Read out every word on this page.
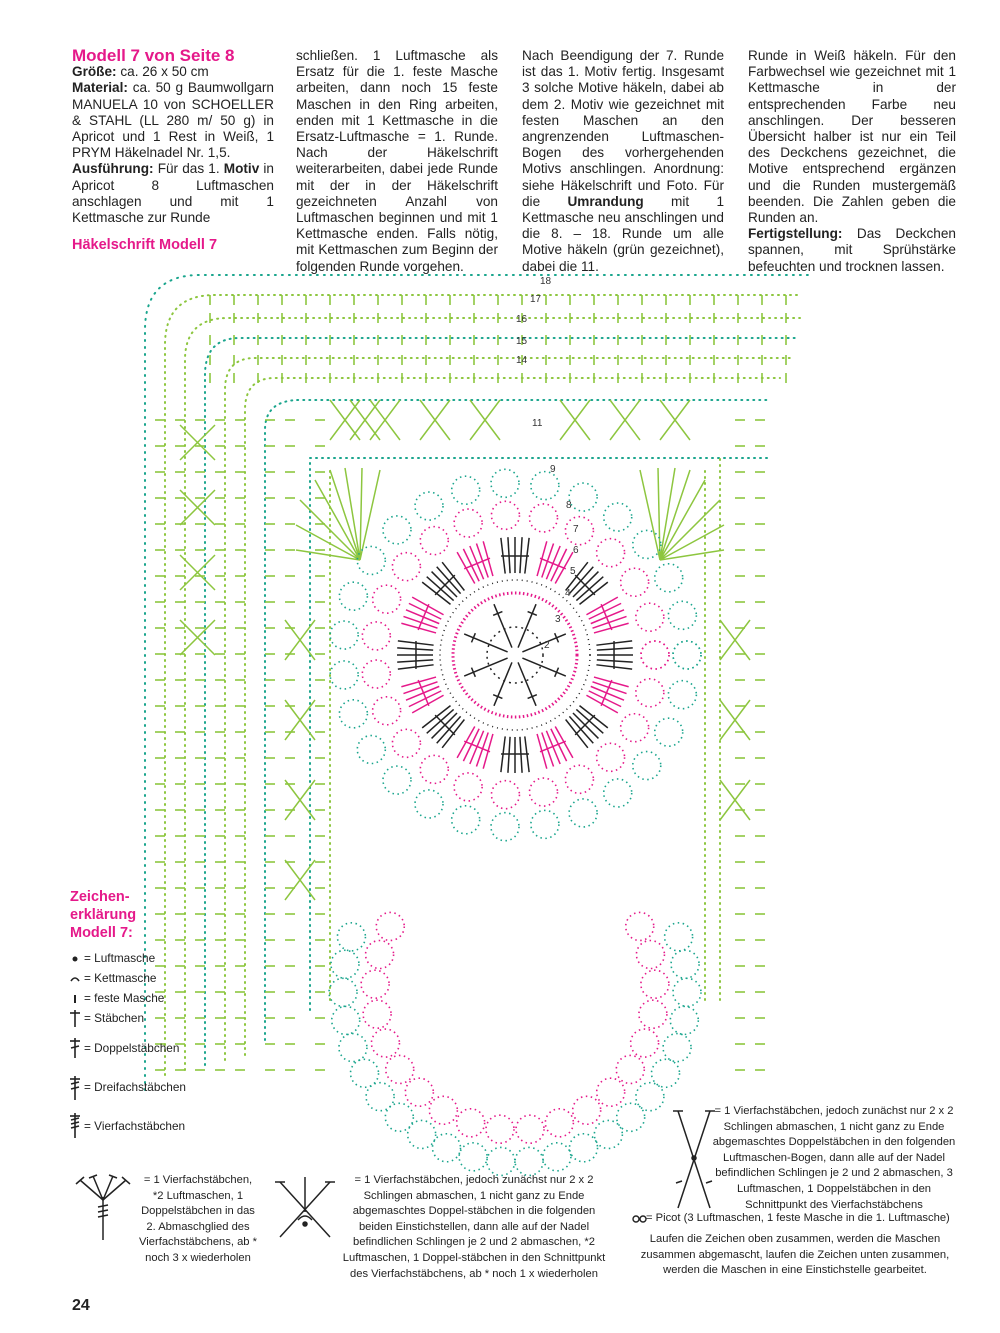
Modell 7 von Seite 8

Größe: ca. 26 x 50 cm

Material: ca. 50 g Baumwollgarn MANUELA 10 von SCHOELLER & STAHL (LL 280 m/ 50 g) in Apricot und 1 Rest in Weiß, 1 PRYM Häkelnadel Nr. 1,5.

Ausführung: Für das 1. Motiv in Apricot 8 Luftmaschen anschlagen und mit 1 Kettmasche zur Runde

schließen. 1 Luftmasche als Ersatz für die 1. feste Masche arbeiten, dann noch 15 feste Maschen in den Ring arbeiten, enden mit 1 Kettmasche in die Ersatz-Luftmasche = 1. Runde. Nach der Häkelschrift weiterarbeiten, dabei jede Runde mit der in der Häkelschrift gezeichneten Anzahl von Luftmaschen beginnen und mit 1 Kettmasche enden. Falls nötig, mit Kettmaschen zum Beginn der folgenden Runde vorgehen.

Nach Beendigung der 7. Runde ist das 1. Motiv fertig. Insgesamt 3 solche Motive häkeln, dabei ab dem 2. Motiv wie gezeichnet mit festen Maschen an den angrenzenden Luftmaschen-Bogen des vorhergehenden Motivs anschlingen. Anordnung: siehe Häkelschrift und Foto. Für die Umrandung mit 1 Kettmasche neu anschlingen und die 8. – 18. Runde um alle Motive häkeln (grün gezeichnet), dabei die 11.

Runde in Weiß häkeln. Für den Farbwechsel wie gezeichnet mit 1 Kettmasche in der entsprechenden Farbe neu anschlingen. Der besseren Übersicht halber ist nur ein Teil des Deckchens gezeichnet, die Motive entsprechend ergänzen und die Runden mustergemäß beenden. Die Zahlen geben die Runden an.

Fertigstellung: Das Deckchen spannen, mit Sprühstärke befeuchten und trocknen lassen.

Häkelschrift Modell 7
18
17
16
15
14
11
9
8
7
6
5
4
3
2
Zeichen-
erklärung
Modell 7:
= Luftmasche
= Kettmasche
= feste Masche
= Stäbchen
= Doppelstäbchen
= Dreifachstäbchen
= Vierfachstäbchen
= 1 Vierfachstäbchen, *2 Luftmaschen, 1 Doppelstäbchen in das 2. Abmaschglied des Vierfachstäbchens, ab * noch 3 x wiederholen
= 1 Vierfachstäbchen, jedoch zunächst nur 2 x 2 Schlingen abmaschen, 1 nicht ganz zu Ende abgemaschtes Doppel-stäbchen in die folgenden beiden Einstichstellen, dann alle auf der Nadel befindlichen Schlingen je 2 und 2 abmaschen, *2 Luftmaschen, 1 Doppel-stäbchen in den Schnittpunkt des Vierfachstäbchens, ab * noch 1 x wiederholen
= 1 Vierfachstäbchen, jedoch zunächst nur 2 x 2 Schlingen abmaschen, 1 nicht ganz zu Ende abgemaschtes Doppelstäbchen in den folgenden Luftmaschen-Bogen, dann alle auf der Nadel befindlichen Schlingen je 2 und 2 abmaschen, 3 Luftmaschen, 1 Doppelstäbchen in den Schnittpunkt des Vierfachstäbchens
= Picot (3 Luftmaschen, 1 feste Masche in die 1. Luftmasche)
Laufen die Zeichen oben zusammen, werden die Maschen zusammen abgemascht, laufen die Zeichen unten zusammen, werden die Maschen in eine Einstichstelle gearbeitet.
24
